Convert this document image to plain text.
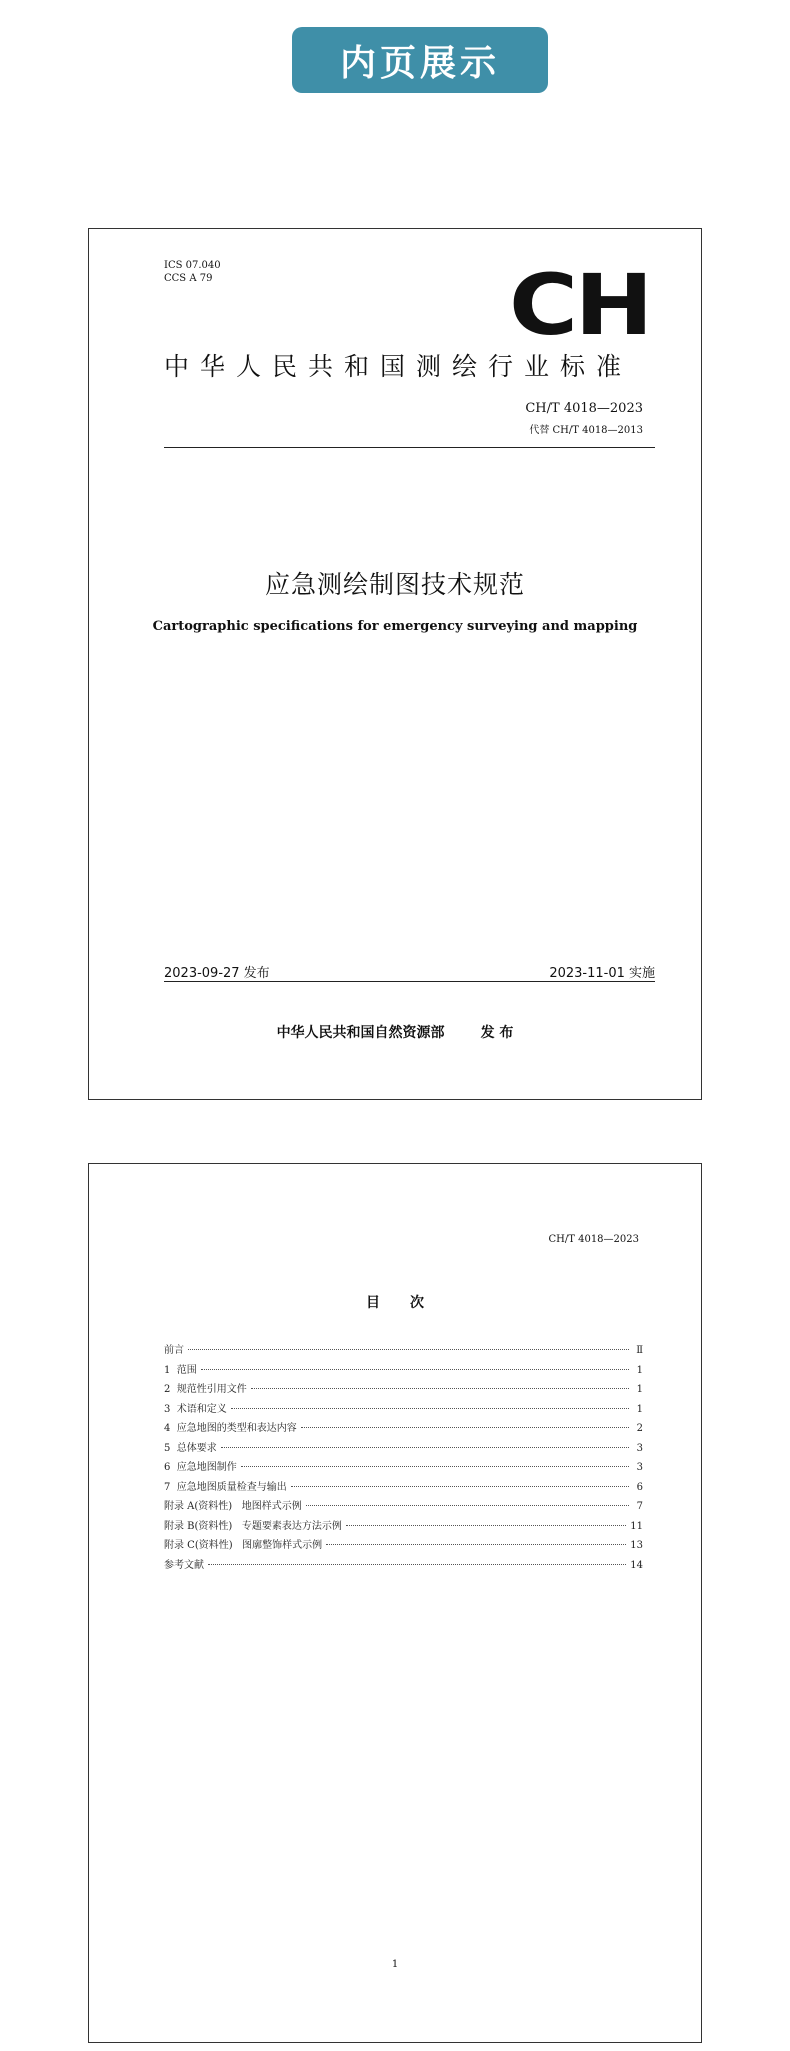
内页展示
ICS 07.040
CCS A 79	CH
中华人民共和国测绘行业标准
CH/T 4018—2023
代替 CH/T 4018—2013
应急测绘制图技术规范
Cartographic specifications for emergency surveying and mapping
2023-09-27 发布	2023-11-01 实施
中华人民共和国自然资源部	发 布
CH/T 4018—2023
目次
前言	Ⅱ
1  范围	1
2  规范性引用文件	1
3  术语和定义	1
4  应急地图的类型和表达内容	2
5  总体要求	3
6  应急地图制作	3
7  应急地图质量检查与输出	6
附录 A(资料性)   地图样式示例	7
附录 B(资料性)   专题要素表达方法示例	11
附录 C(资料性)   图廓整饰样式示例	13
参考文献	14
1
